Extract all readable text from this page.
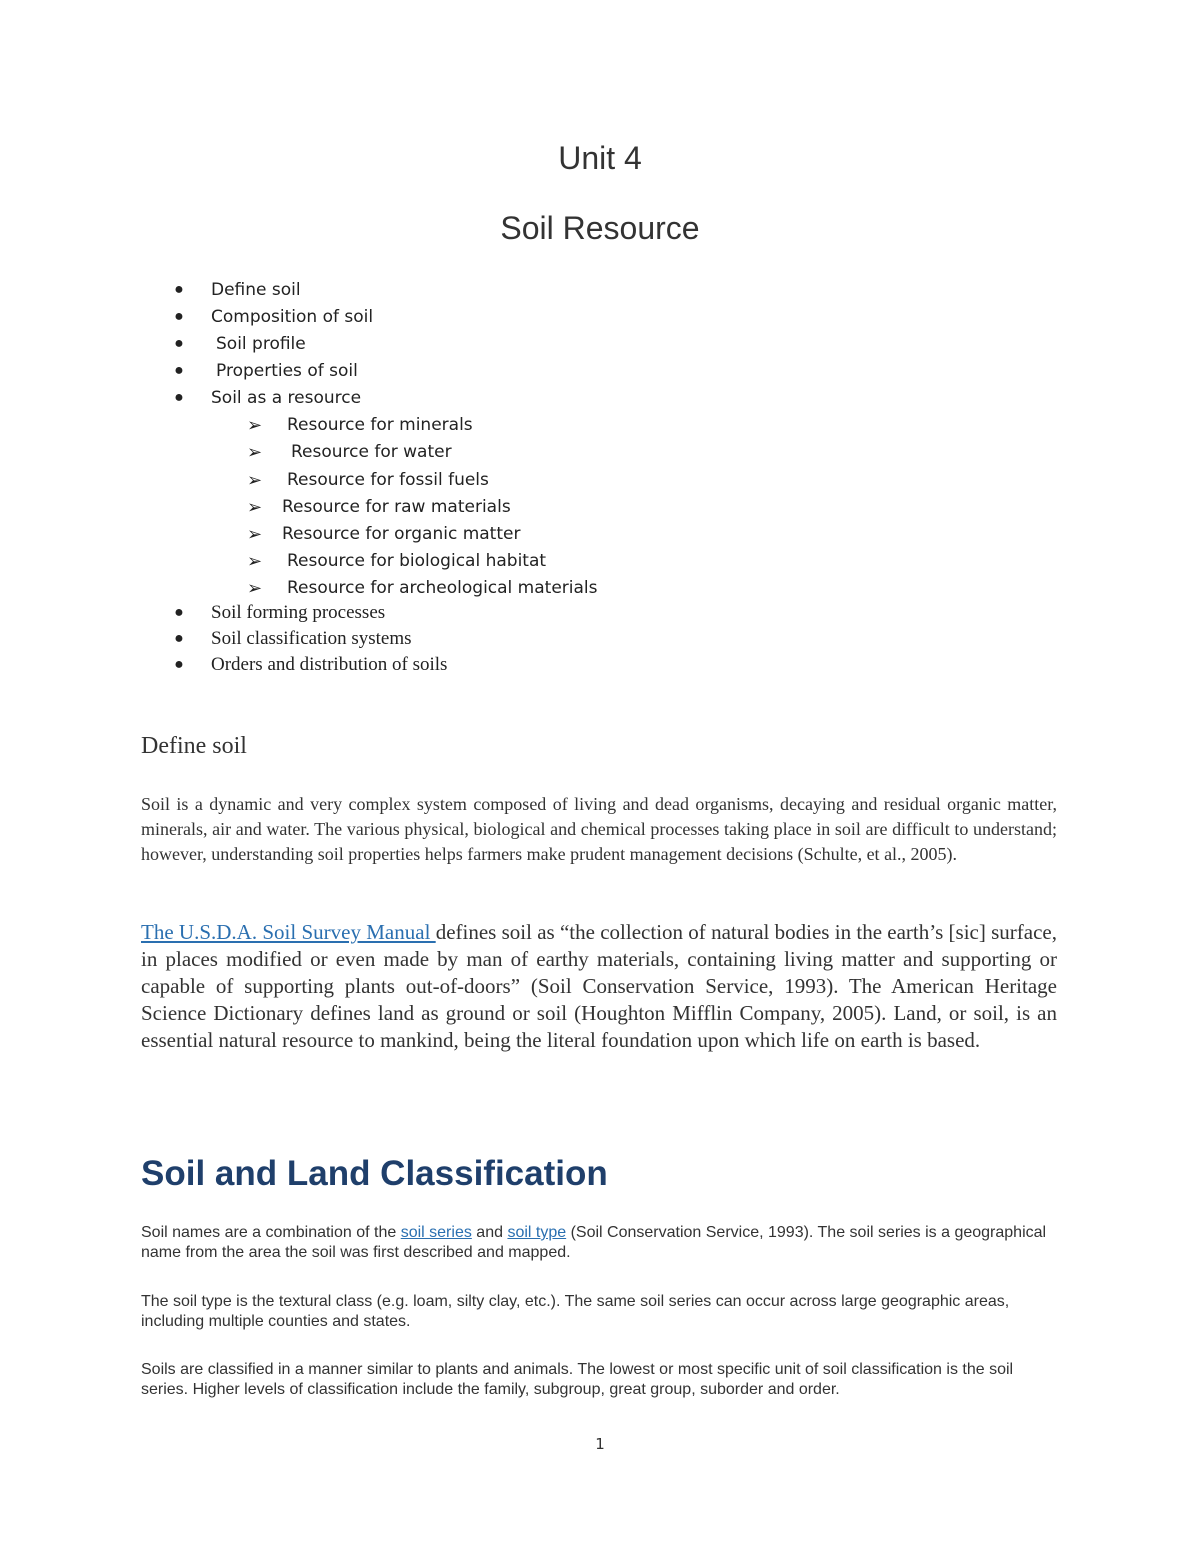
Unit 4
Soil Resource
● Define soil
● Composition of soil
● Soil profile
● Properties of soil
● Soil as a resource
➢ Resource for minerals
➢ Resource for water
➢ Resource for fossil fuels
➢ Resource for raw materials
➢ Resource for organic matter
➢ Resource for biological habitat
➢ Resource for archeological materials
● Soil forming processes
● Soil classification systems
● Orders and distribution of soils
Define soil

Soil is a dynamic and very complex system composed of living and dead organisms, decaying and residual organic matter, minerals, air and water. The various physical, biological and chemical processes taking place in soil are difficult to understand; however, understanding soil properties helps farmers make prudent management decisions (Schulte, et al., 2005).

The U.S.D.A. Soil Survey Manual defines soil as “the collection of natural bodies in the earth’s [sic] surface, in places modified or even made by man of earthy materials, containing living matter and supporting or capable of supporting plants out-of-doors” (Soil Conservation Service, 1993). The American Heritage Science Dictionary defines land as ground or soil (Houghton Mifflin Company, 2005). Land, or soil, is an essential natural resource to mankind, being the literal foundation upon which life on earth is based.

Soil and Land Classification

Soil names are a combination of the soil series and soil type (Soil Conservation Service, 1993). The soil series is a geographical name from the area the soil was first described and mapped.

The soil type is the textural class (e.g. loam, silty clay, etc.). The same soil series can occur across large geographic areas, including multiple counties and states.

Soils are classified in a manner similar to plants and animals. The lowest or most specific unit of soil classification is the soil series. Higher levels of classification include the family, subgroup, great group, suborder and order.

1
